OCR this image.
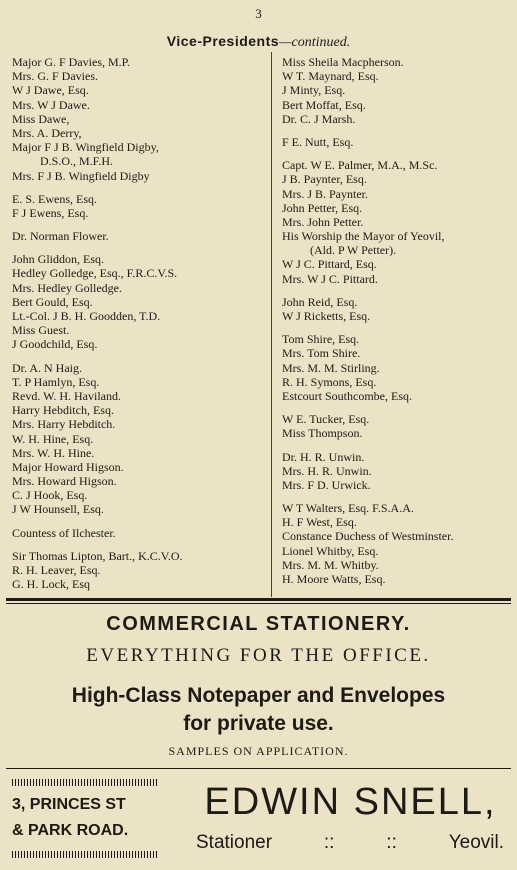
3
Vice-Presidents—continued.
Major G. F Davies, M.P.
Mrs. G. F Davies.
W J Dawe, Esq.
Mrs. W J Dawe.
Miss Dawe,
Mrs. A. Derry,
Major F J B. Wingfield Digby,
D.S.O., M.F.H.
Mrs. F J B. Wingfield Digby
E. S. Ewens, Esq.
F J Ewens, Esq.
Dr. Norman Flower.
John Gliddon, Esq.
Hedley Golledge, Esq., F.R.C.V.S.
Mrs. Hedley Golledge.
Bert Gould, Esq.
Lt.-Col. J B. H. Goodden, T.D.
Miss Guest.
J Goodchild, Esq.
Dr. A. N Haig.
T. P Hamlyn, Esq.
Revd. W. H. Haviland.
Harry Hebditch, Esq.
Mrs. Harry Hebditch.
W. H. Hine, Esq.
Mrs. W. H. Hine.
Major Howard Higson.
Mrs. Howard Higson.
C. J Hook, Esq.
J W Hounsell, Esq.
Countess of Ilchester.
Sir Thomas Lipton, Bart., K.C.V.O.
R. H. Leaver, Esq.
G. H. Lock, Esq
Miss Sheila Macpherson.
W T. Maynard, Esq.
J Minty, Esq.
Bert Moffat, Esq.
Dr. C. J Marsh.
F E. Nutt, Esq.
Capt. W E. Palmer, M.A., M.Sc.
J B. Paynter, Esq.
Mrs. J B. Paynter.
John Petter, Esq.
Mrs. John Petter.
His Worship the Mayor of Yeovil,
(Ald. P W Petter).
W J C. Pittard, Esq.
Mrs. W J C. Pittard.
John Reid, Esq.
W J Ricketts, Esq.
Tom Shire, Esq.
Mrs. Tom Shire.
Mrs. M. M. Stirling.
R. H. Symons, Esq.
Estcourt Southcombe, Esq.
W E. Tucker, Esq.
Miss Thompson.
Dr. H. R. Unwin.
Mrs. H. R. Unwin.
Mrs. F D. Urwick.
W T Walters, Esq. F.S.A.A.
H. F West, Esq.
Constance Duchess of Westminster.
Lionel Whitby, Esq.
Mrs. M. M. Whitby.
H. Moore Watts, Esq.
COMMERCIAL STATIONERY.
EVERYTHING FOR THE OFFICE.
High-Class Notepaper and Envelopes
for private use.
SAMPLES ON APPLICATION.
3, PRINCES ST
& PARK ROAD.
EDWIN SNELL,
Stationer	::	::	Yeovil.
